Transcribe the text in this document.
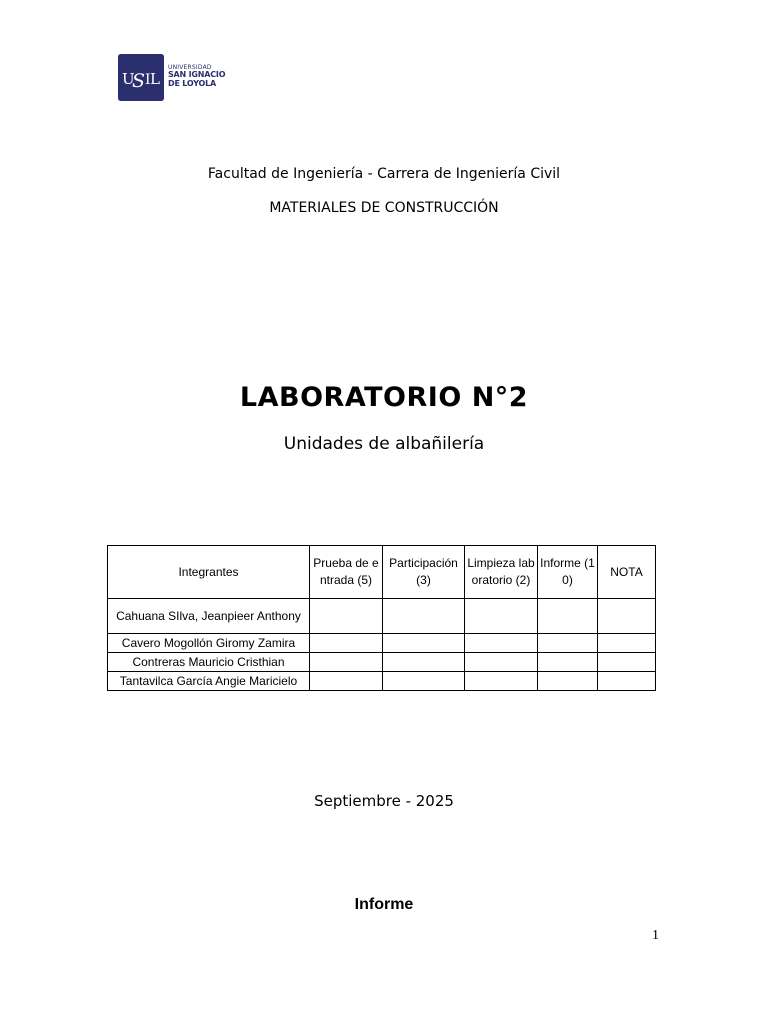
U
S I L
UNIVERSIDAD
SAN IGNACIO
DE LOYOLA
Facultad de Ingeniería - Carrera de Ingeniería Civil
MATERIALES DE CONSTRUCCIÓN
LABORATORIO N°2
Unidades de albañilería
Integrantes	Prueba de entrada (5)	Participación (3)	Limpieza laboratorio (2)	Informe (10)	NOTA
Cahuana SIlva, Jeanpieer Anthony					
Cavero Mogollón Giromy Zamira					
Contreras Mauricio Cristhian					
Tantavilca García Angie Maricielo					
Septiembre - 2025
Informe
1
